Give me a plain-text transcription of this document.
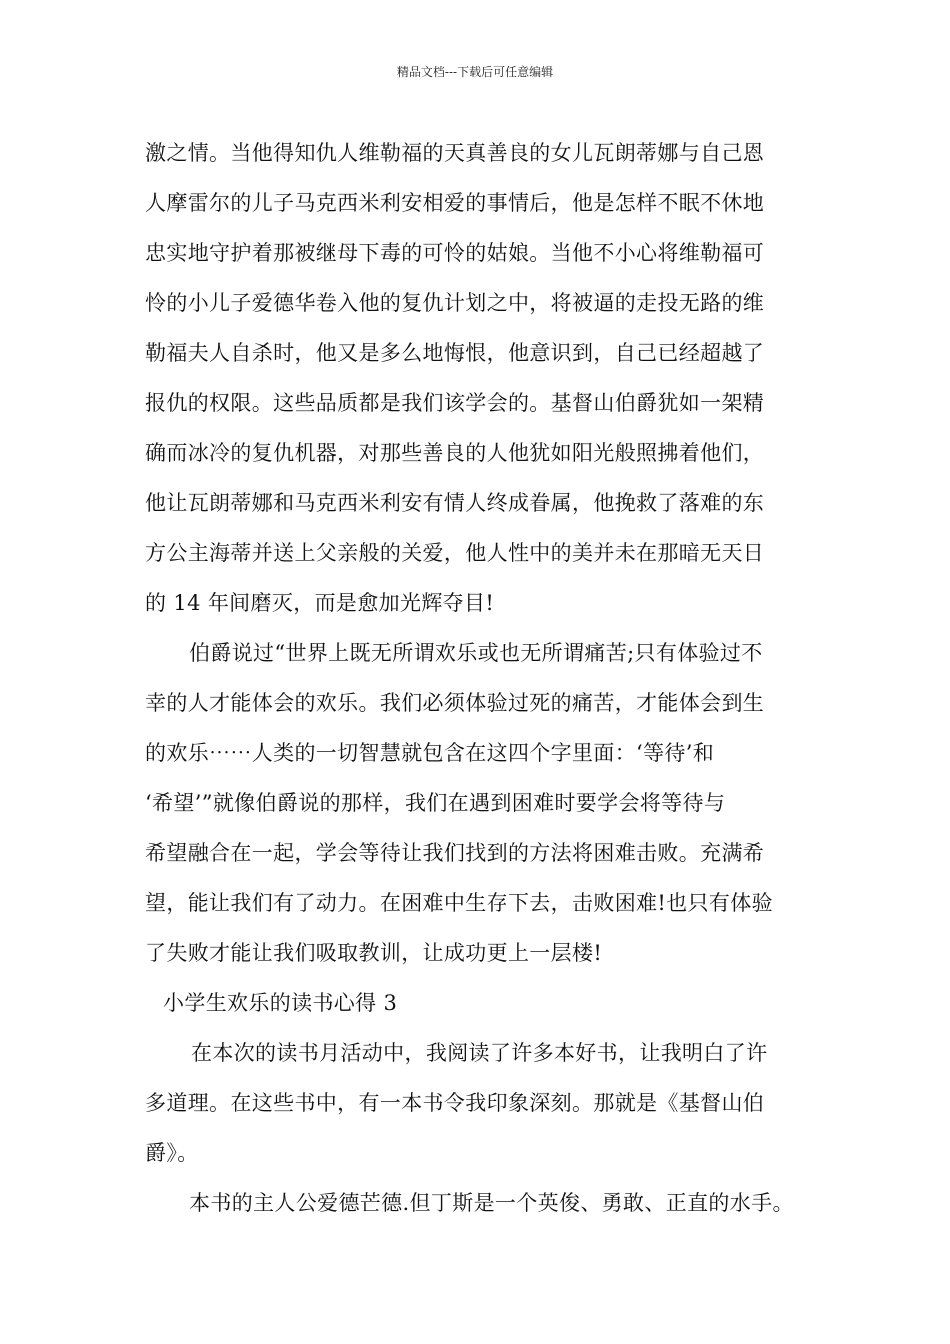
精品文档---下载后可任意编辑
激之情。当他得知仇人维勒福的天真善良的女儿瓦朗蒂娜与自己恩
人摩雷尔的儿子马克西米利安相爱的事情后，他是怎样不眠不休地
忠实地守护着那被继母下毒的可怜的姑娘。当他不小心将维勒福可
怜的小儿子爱德华卷入他的复仇计划之中，将被逼的走投无路的维
勒福夫人自杀时，他又是多么地悔恨，他意识到，自己已经超越了
报仇的权限。这些品质都是我们该学会的。基督山伯爵犹如一架精
确而冰冷的复仇机器，对那些善良的人他犹如阳光般照拂着他们，
他让瓦朗蒂娜和马克西米利安有情人终成眷属，他挽救了落难的东
方公主海蒂并送上父亲般的关爱，他人性中的美并未在那暗无天日
的 14 年间磨灭，而是愈加光辉夺目!
伯爵说过“世界上既无所谓欢乐或也无所谓痛苦;只有体验过不
幸的人才能体会的欢乐。我们必须体验过死的痛苦，才能体会到生
的欢乐⋯⋯人类的一切智慧就包含在这四个字里面：‘等待’和
‘希望’”就像伯爵说的那样，我们在遇到困难时要学会将等待与
希望融合在一起，学会等待让我们找到的方法将困难击败。充满希
望，能让我们有了动力。在困难中生存下去，击败困难!也只有体验
了失败才能让我们吸取教训，让成功更上一层楼!
小学生欢乐的读书心得 3
在本次的读书月活动中，我阅读了许多本好书，让我明白了许
多道理。在这些书中，有一本书令我印象深刻。那就是《基督山伯
爵》。
本书的主人公爱德芒德.但丁斯是一个英俊、勇敢、正直的水手。
